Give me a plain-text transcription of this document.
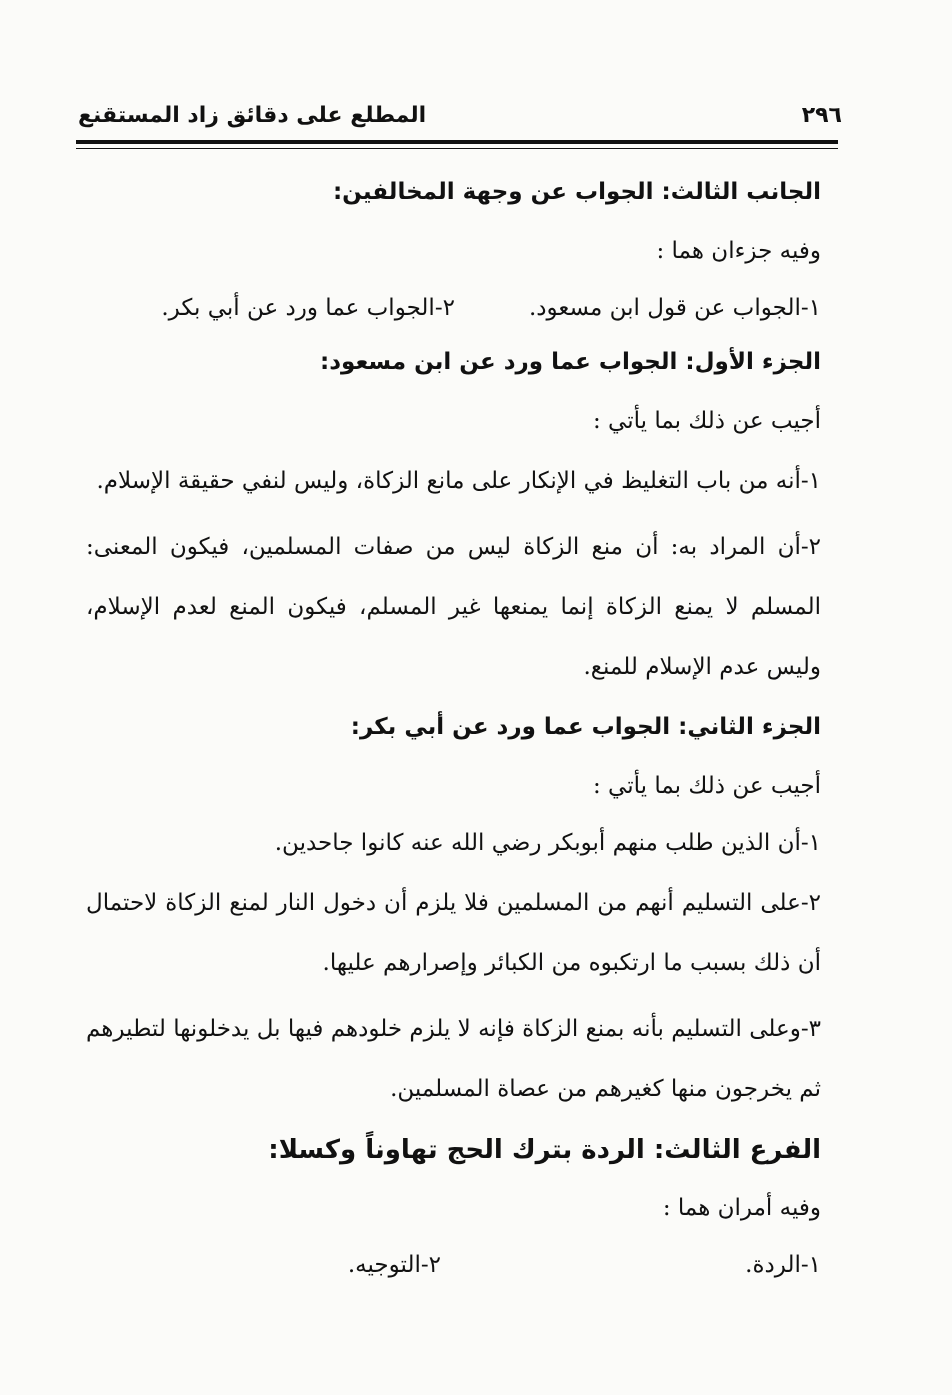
٢٩٦
المطلع على دقائق زاد المستقنع
الجانب الثالث: الجواب عن وجهة المخالفين:
وفيه جزءان هما :
١-الجواب عن قول ابن مسعود.
٢-الجواب عما ورد عن أبي بكر.
الجزء الأول: الجواب عما ورد عن ابن مسعود:
أجيب عن ذلك بما يأتي :
١-أنه من باب التغليظ في الإنكار على مانع الزكاة، وليس لنفي حقيقة الإسلام.
٢-أن المراد به: أن منع الزكاة ليس من صفات المسلمين، فيكون المعنى: المسلم لا يمنع الزكاة إنما يمنعها غير المسلم، فيكون المنع لعدم الإسلام، وليس عدم الإسلام للمنع.
الجزء الثاني: الجواب عما ورد عن أبي بكر:
أجيب عن ذلك بما يأتي :
١-أن الذين طلب منهم أبوبكر رضي الله عنه كانوا جاحدين.
٢-على التسليم أنهم من المسلمين فلا يلزم أن دخول النار لمنع الزكاة لاحتمال أن ذلك بسبب ما ارتكبوه من الكبائر وإصرارهم عليها.
٣-وعلى التسليم بأنه بمنع الزكاة فإنه لا يلزم خلودهم فيها بل يدخلونها لتطيرهم ثم يخرجون منها كغيرهم من عصاة المسلمين.
الفرع الثالث: الردة بترك الحج تهاوناً وكسلا:
وفيه أمران هما :
١-الردة.
٢-التوجيه.
